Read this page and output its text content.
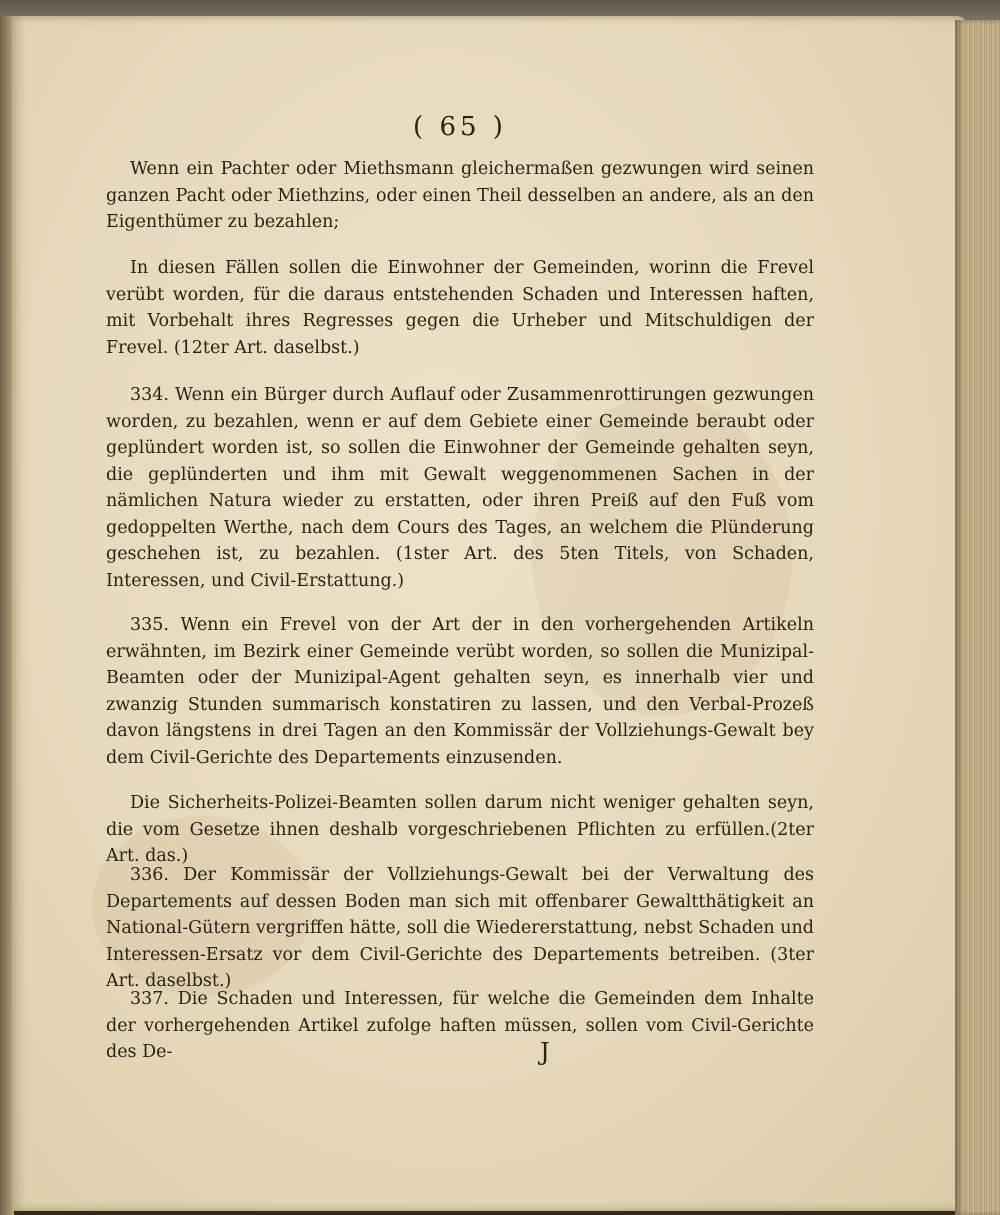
( 65 )

Wenn ein Pachter oder Miethsmann gleichermaßen gezwungen wird seinen ganzen Pacht oder Miethzins, oder einen Theil desselben an andere, als an den Eigenthümer zu bezahlen;

In diesen Fällen sollen die Einwohner der Gemeinden, worinn die Frevel verübt worden, für die daraus entstehenden Schaden und Interessen haften, mit Vorbehalt ihres Regresses gegen die Urheber und Mitschuldigen der Frevel. (12ter Art. daselbst.)

334. Wenn ein Bürger durch Auflauf oder Zusammenrottirungen gezwungen worden, zu bezahlen, wenn er auf dem Gebiete einer Gemeinde beraubt oder geplündert worden ist, so sollen die Einwohner der Gemeinde gehalten seyn, die geplünderten und ihm mit Gewalt weggenommenen Sachen in der nämlichen Natura wieder zu erstatten, oder ihren Preiß auf den Fuß vom gedoppelten Werthe, nach dem Cours des Tages, an welchem die Plünderung geschehen ist, zu bezahlen. (1ster Art. des 5ten Titels, von Schaden, Interessen, und Civil-Erstattung.)

335. Wenn ein Frevel von der Art der in den vorhergehenden Artikeln erwähnten, im Bezirk einer Gemeinde verübt worden, so sollen die Munizipal-Beamten oder der Munizipal-Agent gehalten seyn, es innerhalb vier und zwanzig Stunden summarisch konstatiren zu lassen, und den Verbal-Prozeß davon längstens in drei Tagen an den Kommissär der Vollziehungs-Gewalt bey dem Civil-Gerichte des Departements einzusenden.

Die Sicherheits-Polizei-Beamten sollen darum nicht weniger gehalten seyn, die vom Gesetze ihnen deshalb vorgeschriebenen Pflichten zu erfüllen.(2ter Art. das.)

336. Der Kommissär der Vollziehungs-Gewalt bei der Verwaltung des Departements auf dessen Boden man sich mit offenbarer Gewaltthätigkeit an National-Gütern vergriffen hätte, soll die Wiedererstattung, nebst Schaden und Interessen-Ersatz vor dem Civil-Gerichte des Departements betreiben. (3ter Art. daselbst.)

337. Die Schaden und Interessen, für welche die Gemeinden dem Inhalte der vorhergehenden Artikel zufolge haften müssen, sollen vom Civil-Gerichte des De-	J
